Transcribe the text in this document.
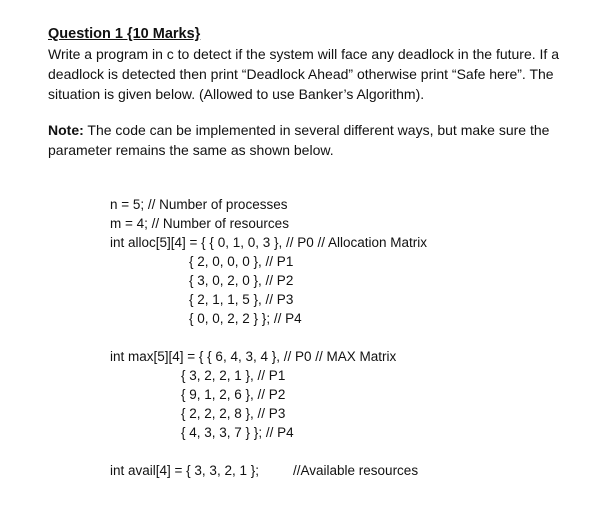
Question 1 {10 Marks}
Write a program in c to detect if the system will face any deadlock in the future. If a deadlock is detected then print “Deadlock Ahead” otherwise print “Safe here”. The situation is given below. (Allowed to use Banker’s Algorithm).
Note: The code can be implemented in several different ways, but make sure the parameter remains the same as shown below.
n = 5; // Number of processes
m = 4; // Number of resources
int alloc[5][4] = { { 0, 1, 0, 3 }, // P0 // Allocation Matrix
{ 2, 0, 0, 0 }, // P1
{ 3, 0, 2, 0 }, // P2
{ 2, 1, 1, 5 }, // P3
{ 0, 0, 2, 2 } }; // P4
int max[5][4] = { { 6, 4, 3, 4 }, // P0 // MAX Matrix
{ 3, 2, 2, 1 }, // P1
{ 9, 1, 2, 6 }, // P2
{ 2, 2, 2, 8 }, // P3
{ 4, 3, 3, 7 } }; // P4
int avail[4] = { 3, 3, 2, 1 };	//Available resources
